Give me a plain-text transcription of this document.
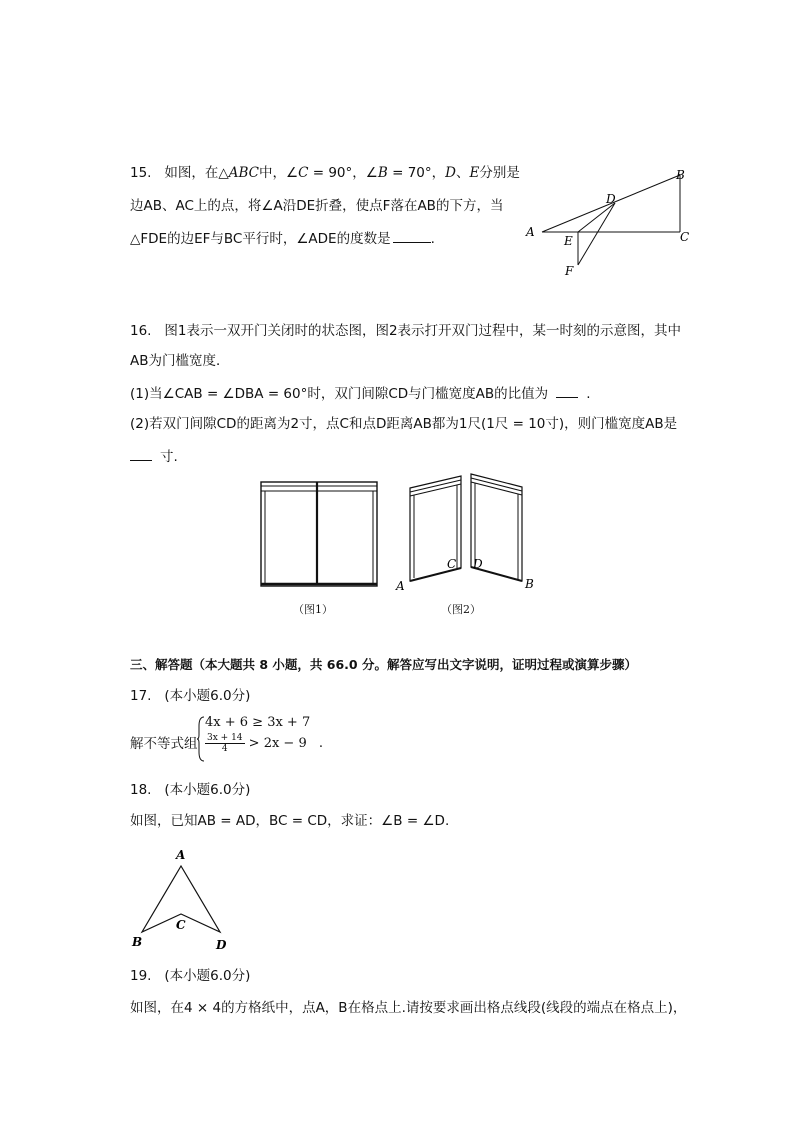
15. 如图，在△ABC中，∠C = 90°，∠B = 70°，D、E分别是
边AB、AC上的点，将∠A沿DE折叠，使点F落在AB的下方，当
△FDE的边EF与BC平行时，∠ADE的度数是	.	A
B
C
D
E
F
16. 图1表示一双开门关闭时的状态图，图2表示打开双门过程中，某一时刻的示意图，其中
AB为门槛宽度．
(1)当∠CAB = ∠DBA = 60°时，双门间隙CD与门槛宽度AB的比值为	.
(2)若双门间隙CD的距离为2寸，点C和点D距离AB都为1尺(1尺 = 10寸)，则门槛宽度AB是
寸.
（图1）
A
C D
B
（图2）
三、解答题（本大题共 8 小题，共 66.0 分。解答应写出文字说明，证明过程或演算步骤）
17. (本小题6.0分)
解不等式组
4x + 6 ≥ 3x + 7
$\frac{3x + 14}{4} > 2x - 9$ .
18. (本小题6.0分)
如图，已知AB = AD，BC = CD，求证：∠B = ∠D.
A
B
C
D
19. (本小题6.0分)
如图，在4 × 4的方格纸中，点A，B在格点上.请按要求画出格点线段(线段的端点在格点上)，
